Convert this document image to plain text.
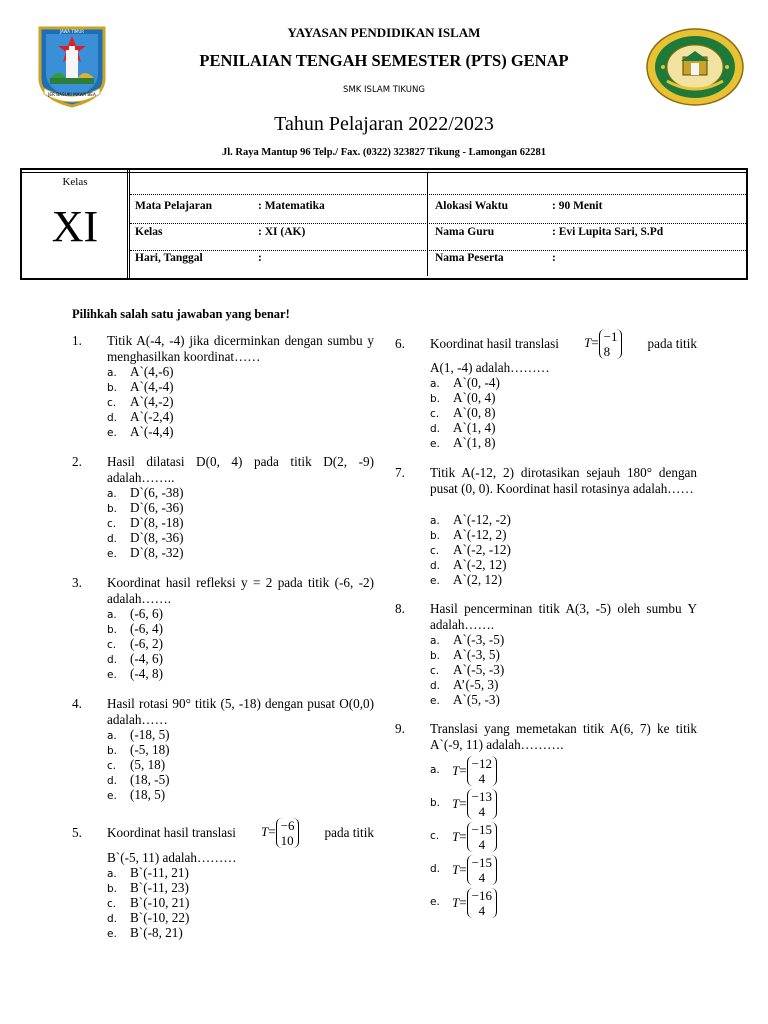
YAYASAN PENDIDIKAN ISLAM
PENILAIAN TENGAH SEMESTER (PTS) GENAP
SMK ISLAM TIKUNG
Tahun Pelajaran 2022/2023
Jl. Raya Mantup 96 Telp./ Fax. (0322) 323827 Tikung - Lamongan 62281
JER BASUKI MAWA BEA
JAWA TIMUR
Kelas
XI	Mata Pelajaran	: Matematika	Alokasi Waktu	: 90 Menit
Kelas	: XI (AK)	Nama Guru	: Evi Lupita Sari, S.Pd
Hari, Tanggal	:	Nama Peserta	:
Pilihkah salah satu jawaban yang benar!
1. Titik A(-4, -4) jika dicerminkan dengan sumbu y menghasilkan koordinat……
a. A`(4,-6)
b. A`(4,-4)
c. A`(4,-2)
d. A`(-2,4)
e. A`(-4,4)
2. Hasil dilatasi D(0, 4) pada titik D(2, -9) adalah……..
a. D`(6, -38)
b. D`(6, -36)
c. D`(8, -18)
d. D`(8, -36)
e. D`(8, -32)
3. Koordinat hasil refleksi y = 2 pada titik (-6, -2) adalah…….
a. (-6, 6)
b. (-6, 4)
c. (-6, 2)
d. (-4, 6)
e. (-4, 8)
4. Hasil rotasi 90° titik (5, -18) dengan pusat O(0,0) adalah……
a. (-18, 5)
b. (-5, 18)
c. (5, 18)
d. (18, -5)
e. (18, 5)
5. Koordinat hasil translasi T= −6
10
pada titik
B`(-5, 11) adalah………
a. B`(-11, 21)
b. B`(-11, 23)
c. B`(-10, 21)
d. B`(-10, 22)
e. B`(-8, 21)
6. Koordinat hasil translasi T= −1
8
pada titik
A(1, -4) adalah………
a. A`(0, -4)
b. A`(0, 4)
c. A`(0, 8)
d. A`(1, 4)
e. A`(1, 8)
7. Titik A(-12, 2) dirotasikan sejauh 180° dengan pusat (0, 0). Koordinat hasil rotasinya adalah……
a. A`(-12, -2)
b. A`(-12, 2)
c. A`(-2, -12)
d. A`(-2, 12)
e. A`(2, 12)
8. Hasil pencerminan titik A(3, -5) oleh sumbu Y adalah…….
a. A`(-3, -5)
b. A`(-3, 5)
c. A`(-5, -3)
d. A’(-5, 3)
e. A`(5, -3)
9. Translasi yang memetakan titik A(6, 7) ke titik A`(-9, 11) adalah……….
a. T = −12
4
b. T = −13
4
c. T = −15
4
d. T = −15
4
e. T = −16
4
